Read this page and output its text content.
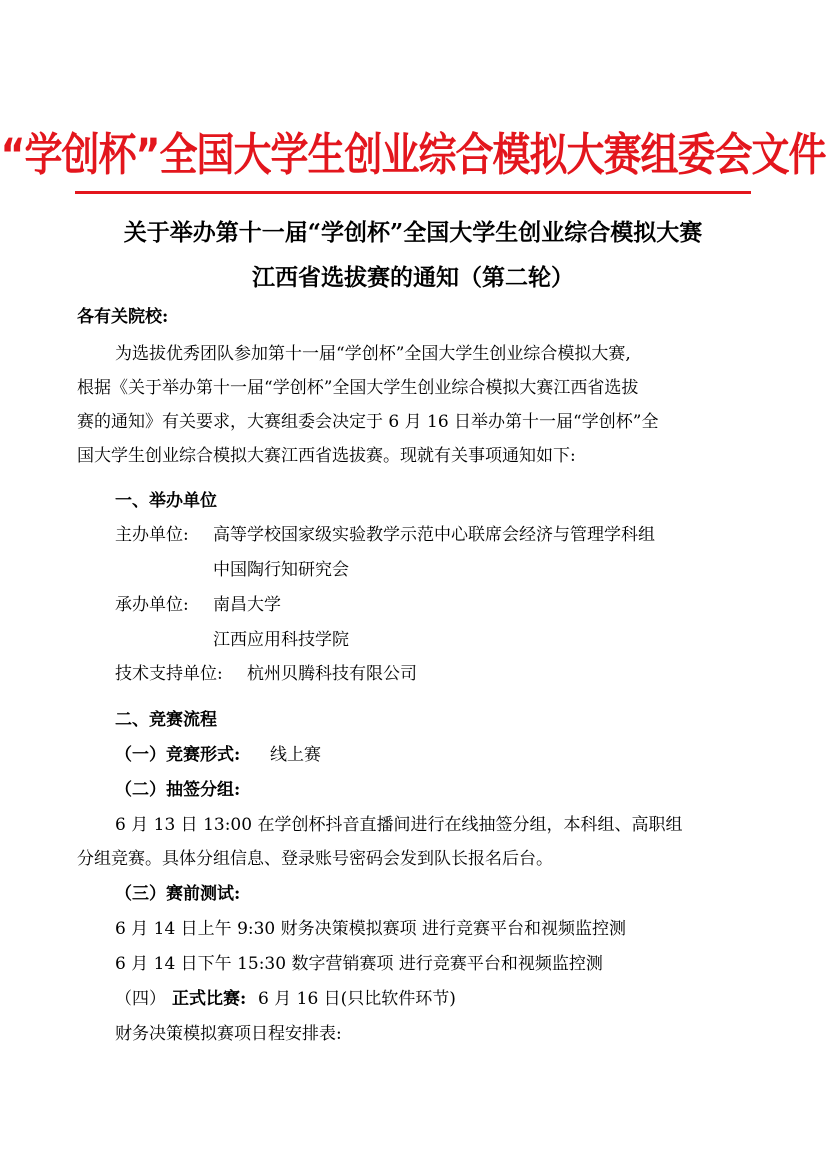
“学创杯”全国大学生创业综合模拟大赛组委会文件
关于举办第十一届“学创杯”全国大学生创业综合模拟大赛
江西省选拔赛的通知（第二轮）
各有关院校:
为选拔优秀团队参加第十一届“学创杯”全国大学生创业综合模拟大赛,
根据《关于举办第十一届“学创杯”全国大学生创业综合模拟大赛江西省选拔
赛的通知》有关要求，大赛组委会决定于 6 月 16 日举办第十一届“学创杯”全
国大学生创业综合模拟大赛江西省选拔赛。现就有关事项通知如下:
一、举办单位
主办单位: 高等学校国家级实验教学示范中心联席会经济与管理学科组
中国陶行知研究会
承办单位: 南昌大学
江西应用科技学院
技术支持单位: 杭州贝腾科技有限公司
二、竞赛流程
（一）竞赛形式: 线上赛
（二）抽签分组:
6 月 13 日 13:00 在学创杯抖音直播间进行在线抽签分组，本科组、高职组
分组竞赛。具体分组信息、登录账号密码会发到队长报名后台。
（三）赛前测试:
6 月 14 日上午 9:30 财务决策模拟赛项 进行竞赛平台和视频监控测
6 月 14 日下午 15:30 数字营销赛项 进行竞赛平台和视频监控测
（四） 正式比赛: 6 月 16 日(只比软件环节)
财务决策模拟赛项日程安排表:
